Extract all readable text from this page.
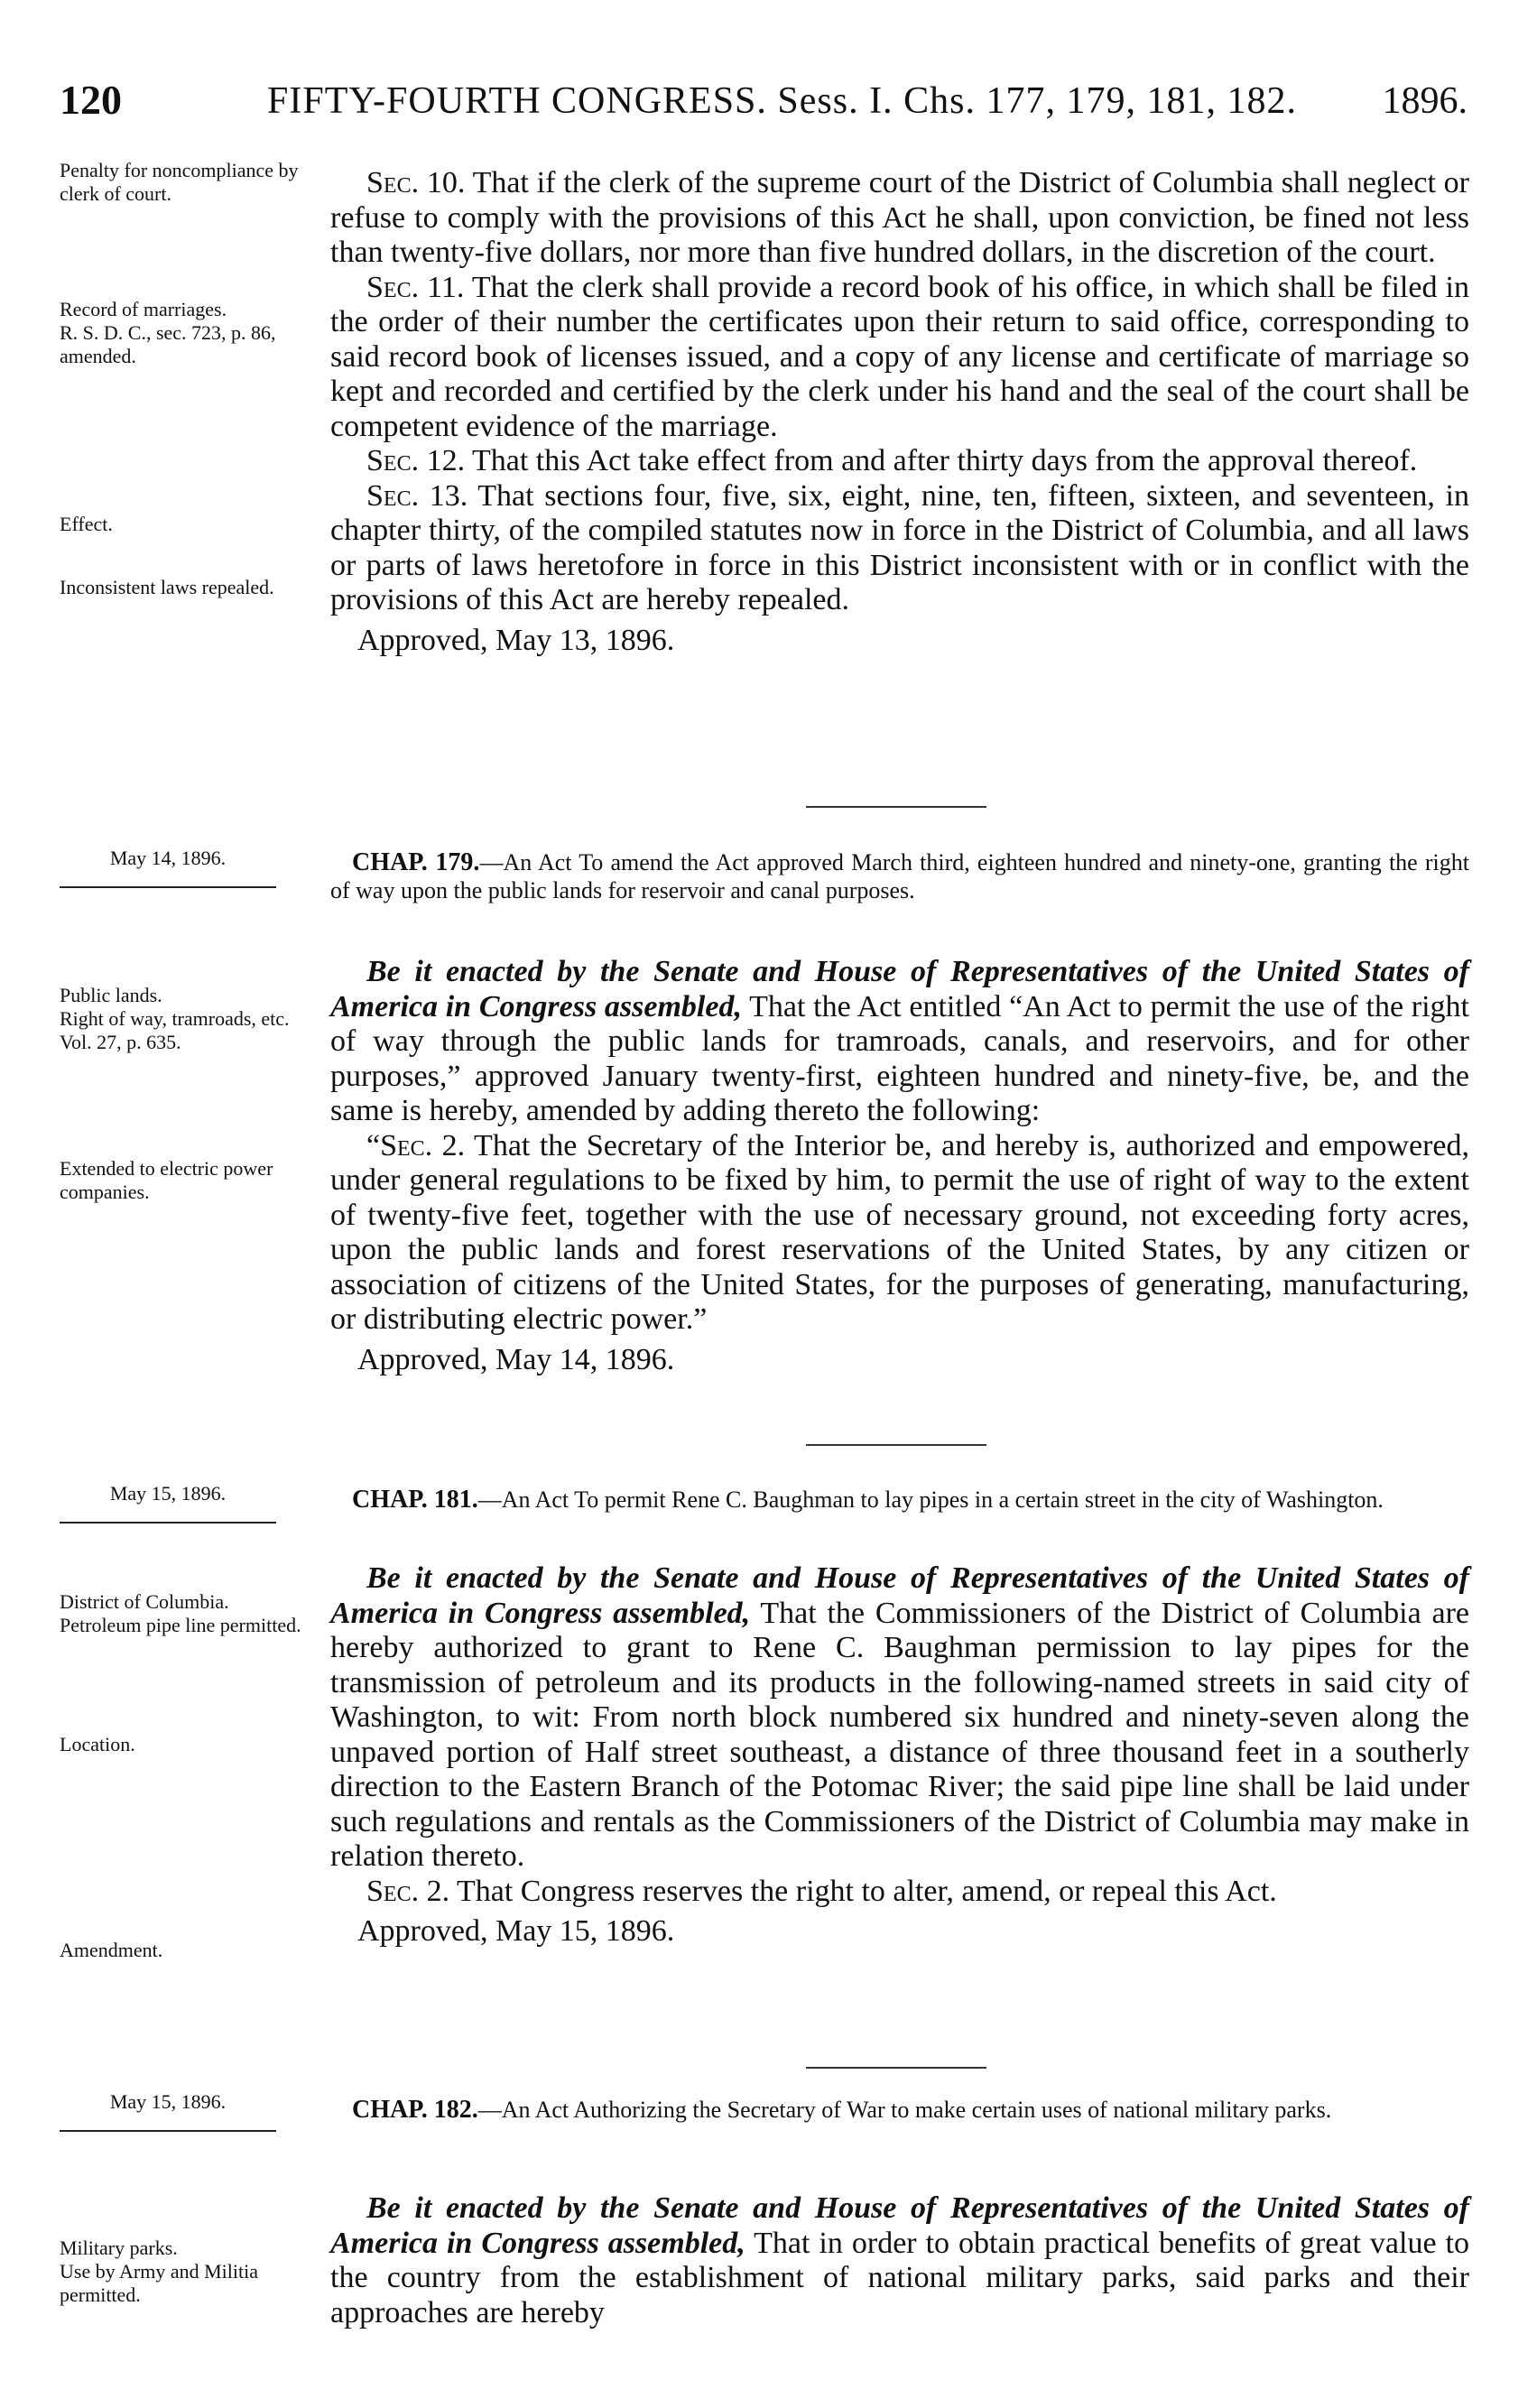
120	FIFTY-FOURTH CONGRESS. Sess. I. Chs. 177, 179, 181, 182. 1896.
Penalty for noncompliance by clerk of court.
Record of marriages.
R. S. D. C., sec. 723, p. 86, amended.
Effect.
Inconsistent laws repealed.

Sec. 10. That if the clerk of the supreme court of the District of Columbia shall neglect or refuse to comply with the provisions of this Act he shall, upon conviction, be fined not less than twenty-five dollars, nor more than five hundred dollars, in the discretion of the court.

Sec. 11. That the clerk shall provide a record book of his office, in which shall be filed in the order of their number the certificates upon their return to said office, corresponding to said record book of licenses issued, and a copy of any license and certificate of marriage so kept and recorded and certified by the clerk under his hand and the seal of the court shall be competent evidence of the marriage.

Sec. 12. That this Act take effect from and after thirty days from the approval thereof.

Sec. 13. That sections four, five, six, eight, nine, ten, fifteen, sixteen, and seventeen, in chapter thirty, of the compiled statutes now in force in the District of Columbia, and all laws or parts of laws heretofore in force in this District inconsistent with or in conflict with the provisions of this Act are hereby repealed.

Approved, May 13, 1896.

May 14, 1896.	CHAP. 179.—An Act To amend the Act approved March third, eighteen hundred and ninety-one, granting the right of way upon the public lands for reservoir and canal purposes.

Public lands.
Right of way, tramroads, etc.
Vol. 27, p. 635.
Extended to electric power companies.

Be it enacted by the Senate and House of Representatives of the United States of America in Congress assembled, That the Act entitled “An Act to permit the use of the right of way through the public lands for tramroads, canals, and reservoirs, and for other purposes,” approved January twenty-first, eighteen hundred and ninety-five, be, and the same is hereby, amended by adding thereto the following:

“Sec. 2. That the Secretary of the Interior be, and hereby is, authorized and empowered, under general regulations to be fixed by him, to permit the use of right of way to the extent of twenty-five feet, together with the use of necessary ground, not exceeding forty acres, upon the public lands and forest reservations of the United States, by any citizen or association of citizens of the United States, for the purposes of generating, manufacturing, or distributing electric power.”

Approved, May 14, 1896.

May 15, 1896.	CHAP. 181.—An Act To permit Rene C. Baughman to lay pipes in a certain street in the city of Washington.

District of Columbia.
Petroleum pipe line permitted.
Location.
Amendment.

Be it enacted by the Senate and House of Representatives of the United States of America in Congress assembled, That the Commissioners of the District of Columbia are hereby authorized to grant to Rene C. Baughman permission to lay pipes for the transmission of petroleum and its products in the following-named streets in said city of Washington, to wit: From north block numbered six hundred and ninety-seven along the unpaved portion of Half street southeast, a distance of three thousand feet in a southerly direction to the Eastern Branch of the Potomac River; the said pipe line shall be laid under such regulations and rentals as the Commissioners of the District of Columbia may make in relation thereto.

Sec. 2. That Congress reserves the right to alter, amend, or repeal this Act.

Approved, May 15, 1896.

May 15, 1896.	CHAP. 182.—An Act Authorizing the Secretary of War to make certain uses of national military parks.

Military parks.
Use by Army and Militia permitted.

Be it enacted by the Senate and House of Representatives of the United States of America in Congress assembled, That in order to obtain practical benefits of great value to the country from the establishment of national military parks, said parks and their approaches are hereby
